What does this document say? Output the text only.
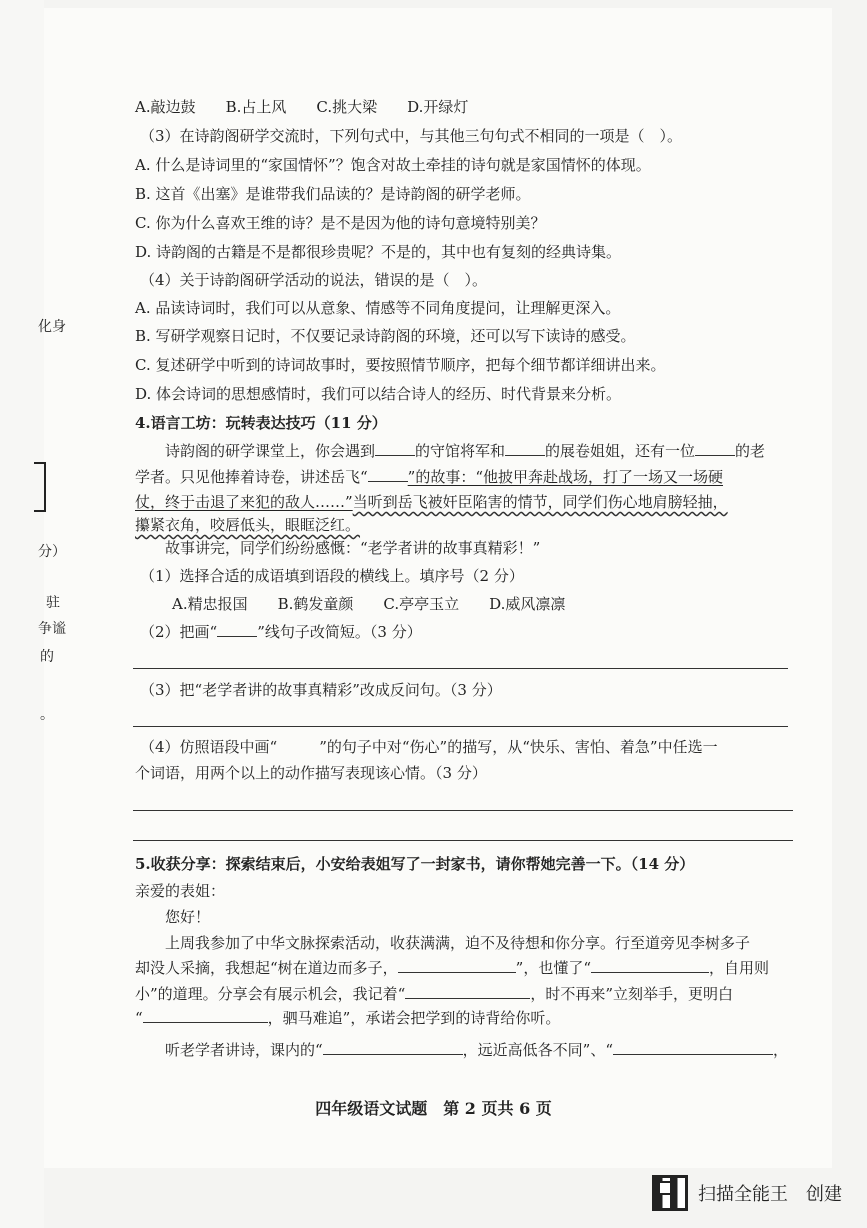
化身
分）
驻
争谧
的
。
A.敲边鼓 B.占上风 C.挑大梁 D.开绿灯
（3）在诗韵阁研学交流时，下列句式中，与其他三句句式不相同的一项是（　）。
A. 什么是诗词里的“家国情怀”？饱含对故土牵挂的诗句就是家国情怀的体现。
B. 这首《出塞》是谁带我们品读的？是诗韵阁的研学老师。
C. 你为什么喜欢王维的诗？是不是因为他的诗句意境特别美？
D. 诗韵阁的古籍是不是都很珍贵呢？不是的，其中也有复刻的经典诗集。
（4）关于诗韵阁研学活动的说法，错误的是（　）。
A. 品读诗词时，我们可以从意象、情感等不同角度提问，让理解更深入。
B. 写研学观察日记时，不仅要记录诗韵阁的环境，还可以写下读诗的感受。
C. 复述研学中听到的诗词故事时，要按照情节顺序，把每个细节都详细讲出来。
D. 体会诗词的思想感情时，我们可以结合诗人的经历、时代背景来分析。
4.语言工坊：玩转表达技巧（11 分）
诗韵阁的研学课堂上，你会遇到	的守馆将军和	的展卷姐姐，还有一位	的老
学者。只见他捧着诗卷，讲述岳飞“	”的故事：“他披甲奔赴战场，打了一场又一场硬
仗，终于击退了来犯的敌人……”当听到岳飞被奸臣陷害的情节，同学们伤心地肩膀轻抽，
攥紧衣角，咬唇低头，眼眶泛红。
故事讲完，同学们纷纷感慨：“老学者讲的故事真精彩！”
（1）选择合适的成语填到语段的横线上。填序号（2 分）
A.精忠报国 B.鹤发童颜 C.亭亭玉立 D.威风凛凛
（2）把画“	”线句子改简短。（3 分）
（3）把“老学者讲的故事真精彩”改成反问句。（3 分）
（4）仿照语段中画“	”的句子中对“伤心”的描写，从“快乐、害怕、着急”中任选一
个词语，用两个以上的动作描写表现该心情。（3 分）
5.收获分享：探索结束后，小安给表姐写了一封家书，请你帮她完善一下。（14 分）
亲爱的表姐：
您好！
上周我参加了中华文脉探索活动，收获满满，迫不及待想和你分享。行至道旁见李树多子
却没人采摘，我想起“树在道边而多子，	”，也懂了“	，自用则
小”的道理。分享会有展示机会，我记着“	，时不再来”立刻举手，更明白
“	，驷马难追”，承诺会把学到的诗背给你听。
听老学者讲诗，课内的“	，远近高低各不同”、“	，
四年级语文试题　第 2 页共 6 页
扫描全能王　创建
